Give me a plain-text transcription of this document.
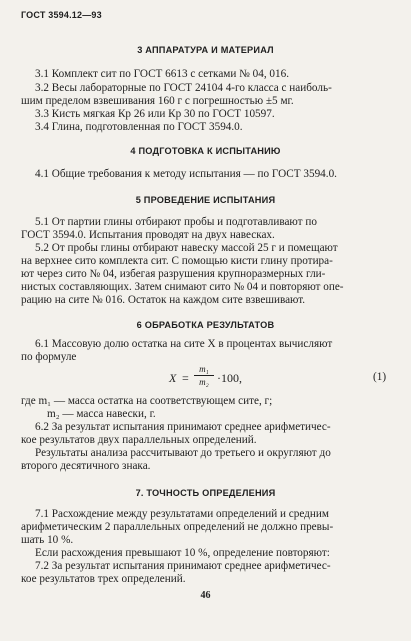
ГОСТ 3594.12—93
3 АППАРАТУРА И МАТЕРИАЛ
3.1 Комплект сит по ГОСТ 6613 с сетками № 04, 016.
3.2 Весы лабораторные по ГОСТ 24104 4-го класса с наиболь-
шим пределом взвешивания 160 г с погрешностью ±5 мг.
3.3 Кисть мягкая Кр 26 или Кр 30 по ГОСТ 10597.
3.4 Глина, подготовленная по ГОСТ 3594.0.
4 ПОДГОТОВКА К ИСПЫТАНИЮ
4.1 Общие требования к методу испытания — по ГОСТ 3594.0.
5 ПРОВЕДЕНИЕ ИСПЫТАНИЯ
5.1 От партии глины отбирают пробы и подготавливают по
ГОСТ 3594.0. Испытания проводят на двух навесках.
5.2 От пробы глины отбирают навеску массой 25 г и помещают
на верхнее сито комплекта сит. С помощью кисти глину протира-
ют через сито № 04, избегая разрушения крупноразмерных гли-
нистых составляющих. Затем снимают сито № 04 и повторяют опе-
рацию на сите № 016. Остаток на каждом сите взвешивают.
6 ОБРАБОТКА РЕЗУЛЬТАТОВ
6.1 Массовую долю остатка на сите X в процентах вычисляют
по формуле
X =
m₁
m₂ ·100,	(1)
где m₁ — масса остатка на соответствующем сите, г;
m₂ — масса навески, г.
6.2 За результат испытания принимают среднее арифметичес-
кое результатов двух параллельных определений.
Результаты анализа рассчитывают до третьего и округляют до
второго десятичного знака.
7. ТОЧНОСТЬ ОПРЕДЕЛЕНИЯ
7.1 Расхождение между результатами определений и средним
арифметическим 2 параллельных определений не должно превы-
шать 10 %.
Если расхождения превышают 10 %, определение повторяют:
7.2 За результат испытания принимают среднее арифметичес-
кое результатов трех определений.
46
